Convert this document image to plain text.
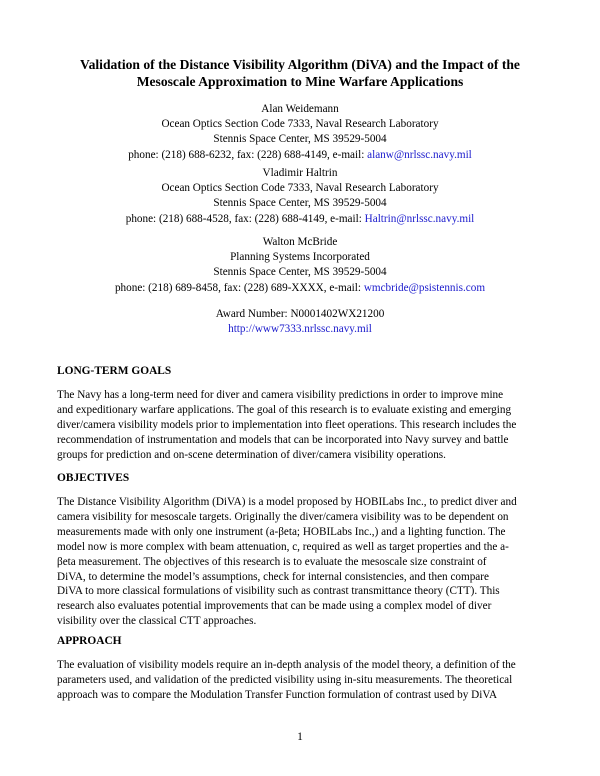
Validation of the Distance Visibility Algorithm (DiVA) and the Impact of the
Mesoscale Approximation to Mine Warfare Applications
Alan Weidemann
Ocean Optics Section Code 7333, Naval Research Laboratory
Stennis Space Center, MS 39529-5004
phone: (218) 688-6232, fax: (228) 688-4149, e-mail: alanw@nrlssc.navy.mil
Vladimir Haltrin
Ocean Optics Section Code 7333, Naval Research Laboratory
Stennis Space Center, MS 39529-5004
phone: (218) 688-4528, fax: (228) 688-4149, e-mail: Haltrin@nrlssc.navy.mil
Walton McBride
Planning Systems Incorporated
Stennis Space Center, MS 39529-5004
phone: (218) 689-8458, fax: (228) 689-XXXX, e-mail: wmcbride@psistennis.com
Award Number: N0001402WX21200
http://www7333.nrlssc.navy.mil
LONG-TERM GOALS
The Navy has a long-term need for diver and camera visibility predictions in order to improve mine
and expeditionary warfare applications. The goal of this research is to evaluate existing and emerging
diver/camera visibility models prior to implementation into fleet operations. This research includes the
recommendation of instrumentation and models that can be incorporated into Navy survey and battle
groups for prediction and on-scene determination of diver/camera visibility operations.
OBJECTIVES
The Distance Visibility Algorithm (DiVA) is a model proposed by HOBILabs Inc., to predict diver and
camera visibility for mesoscale targets. Originally the diver/camera visibility was to be dependent on
measurements made with only one instrument (a-βeta; HOBILabs Inc.,) and a lighting function. The
model now is more complex with beam attenuation, c, required as well as target properties and the a-
βeta measurement. The objectives of this research is to evaluate the mesoscale size constraint of
DiVA, to determine the model’s assumptions, check for internal consistencies, and then compare
DiVA to more classical formulations of visibility such as contrast transmittance theory (CTT). This
research also evaluates potential improvements that can be made using a complex model of diver
visibility over the classical CTT approaches.
APPROACH
The evaluation of visibility models require an in-depth analysis of the model theory, a definition of the
parameters used, and validation of the predicted visibility using in-situ measurements. The theoretical
approach was to compare the Modulation Transfer Function formulation of contrast used by DiVA
1
